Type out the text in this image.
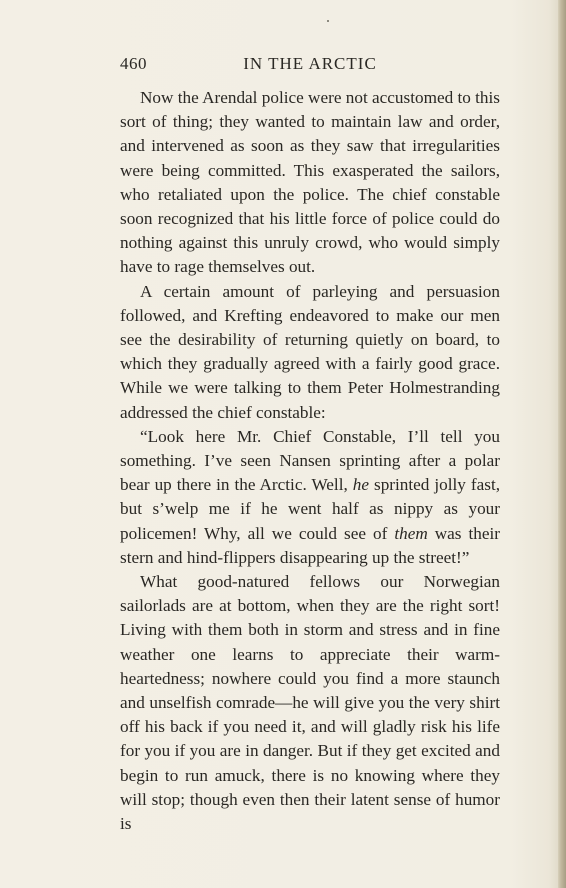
460	IN THE ARCTIC

Now the Arendal police were not accustomed to this sort of thing; they wanted to maintain law and order, and intervened as soon as they saw that irregularities were being committed. This exasperated the sailors, who retaliated upon the police. The chief constable soon recognized that his little force of police could do nothing against this unruly crowd, who would simply have to rage themselves out.

A certain amount of parleying and persuasion followed, and Krefting endeavored to make our men see the desirability of returning quietly on board, to which they gradually agreed with a fairly good grace. While we were talking to them Peter Holmestranding addressed the chief constable:

“Look here Mr. Chief Constable, I’ll tell you something. I’ve seen Nansen sprinting after a polar bear up there in the Arctic. Well, he sprinted jolly fast, but s’welp me if he went half as nippy as your policemen! Why, all we could see of them was their stern and hind-flippers disappearing up the street!”

What good-natured fellows our Norwegian sailorlads are at bottom, when they are the right sort! Living with them both in storm and stress and in fine weather one learns to appreciate their warm-heartedness; nowhere could you find a more staunch and unselfish comrade—he will give you the very shirt off his back if you need it, and will gladly risk his life for you if you are in danger. But if they get excited and begin to run amuck, there is no knowing where they will stop; though even then their latent sense of humor is
